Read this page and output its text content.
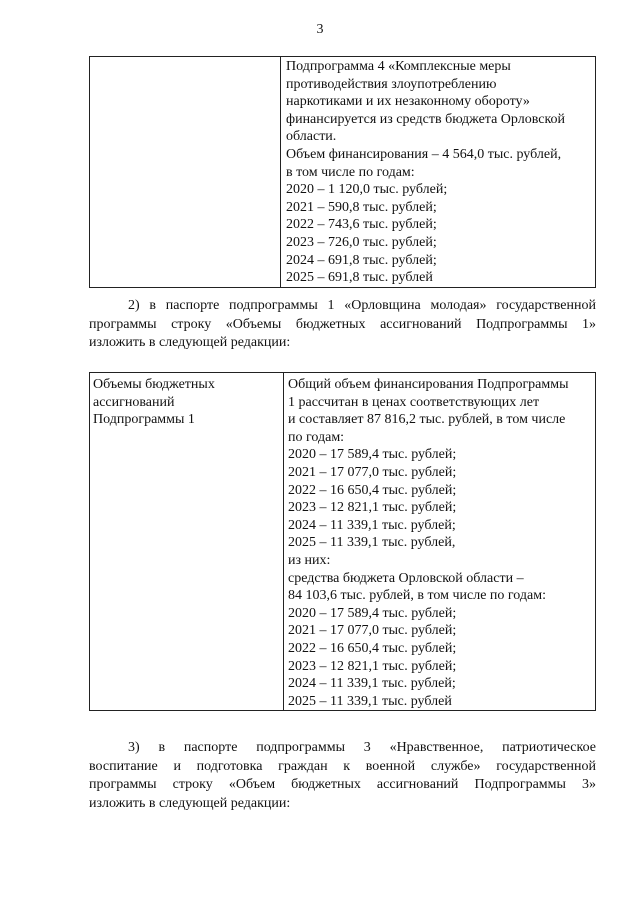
3

Подпрограмма 4 «Комплексные меры
противодействия злоупотреблению
наркотиками и их незаконному обороту»
финансируется из средств бюджета Орловской
области.
Объем финансирования – 4 564,0 тыс. рублей,
в том числе по годам:
2020 – 1 120,0 тыс. рублей;
2021 – 590,8 тыс. рублей;
2022 – 743,6 тыс. рублей;
2023 – 726,0 тыс. рублей;
2024 – 691,8 тыс. рублей;
2025 – 691,8 тыс. рублей
2) в паспорте подпрограммы 1 «Орловщина молодая» государственной
программы строку «Объемы бюджетных ассигнований Подпрограммы 1»
изложить в следующей редакции:
Объемы бюджетных
ассигнований
Подпрограммы 1

Общий объем финансирования Подпрограммы
1 рассчитан в ценах соответствующих лет
и составляет 87 816,2 тыс. рублей, в том числе
по годам:
2020 – 17 589,4 тыс. рублей;
2021 – 17 077,0 тыс. рублей;
2022 – 16 650,4 тыс. рублей;
2023 – 12 821,1 тыс. рублей;
2024 – 11 339,1 тыс. рублей;
2025 – 11 339,1 тыс. рублей,
из них:
средства бюджета Орловской области –
84 103,6 тыс. рублей, в том числе по годам:
2020 – 17 589,4 тыс. рублей;
2021 – 17 077,0 тыс. рублей;
2022 – 16 650,4 тыс. рублей;
2023 – 12 821,1 тыс. рублей;
2024 – 11 339,1 тыс. рублей;
2025 – 11 339,1 тыс. рублей
3) в паспорте подпрограммы 3 «Нравственное, патриотическое
воспитание и подготовка граждан к военной службе» государственной
программы строку «Объем бюджетных ассигнований Подпрограммы 3»
изложить в следующей редакции:
